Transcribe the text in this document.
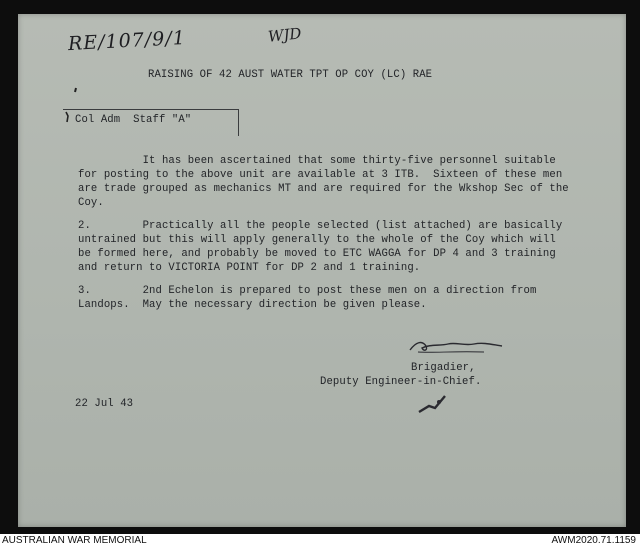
RE/107/9/1	WJD
RAISING OF 42 AUST WATER TPT OP COY (LC) RAE
Col Adm  Staff "A"
It has been ascertained that some thirty-five personnel suitable
for posting to the above unit are available at 3 ITB.  Sixteen of these men
are trade grouped as mechanics MT and are required for the Wkshop Sec of the
Coy.
2.        Practically all the people selected (list attached) are basically
untrained but this will apply generally to the whole of the Coy which will
be formed here, and probably be moved to ETC WAGGA for DP 4 and 3 training
and return to VICTORIA POINT for DP 2 and 1 training.
3.        2nd Echelon is prepared to post these men on a direction from
Landops.  May the necessary direction be given please.
Brigadier,
Deputy Engineer-in-Chief.
22 Jul 43
AUSTRALIAN WAR MEMORIAL	AWM2020.71.1159
